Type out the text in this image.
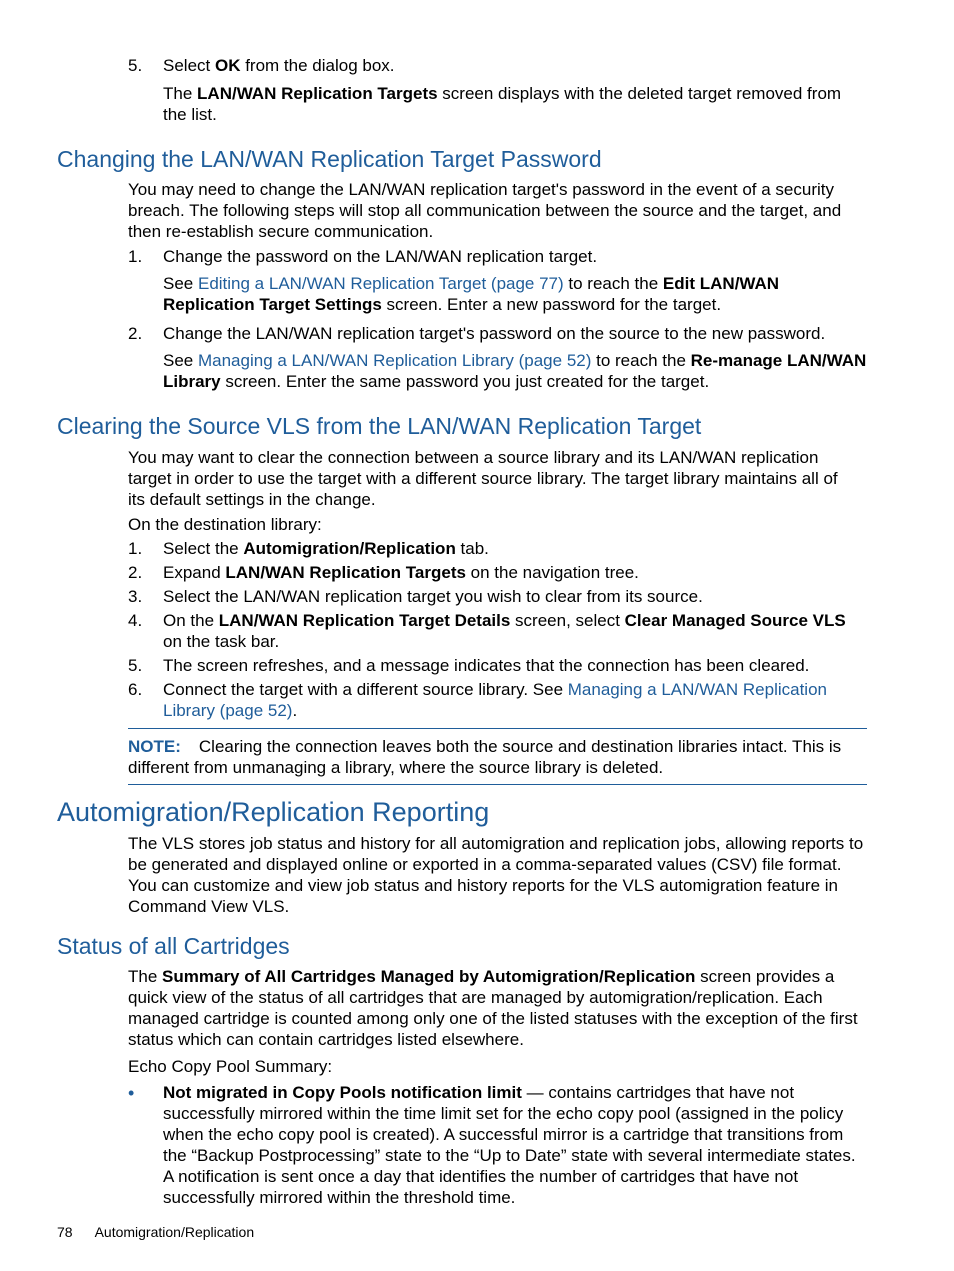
5.	Select OK from the dialog box.
The LAN/WAN Replication Targets screen displays with the deleted target removed from the list.
Changing the LAN/WAN Replication Target Password
You may need to change the LAN/WAN replication target's password in the event of a security breach. The following steps will stop all communication between the source and the target, and then re-establish secure communication.
1.	Change the password on the LAN/WAN replication target.
See Editing a LAN/WAN Replication Target (page 77) to reach the Edit LAN/WAN Replication Target Settings screen. Enter a new password for the target.
2.	Change the LAN/WAN replication target's password on the source to the new password.
See Managing a LAN/WAN Replication Library (page 52) to reach the Re-manage LAN/WAN Library screen. Enter the same password you just created for the target.
Clearing the Source VLS from the LAN/WAN Replication Target
You may want to clear the connection between a source library and its LAN/WAN replication target in order to use the target with a different source library. The target library maintains all of its default settings in the change.
On the destination library:
1.	Select the Automigration/Replication tab.
2.	Expand LAN/WAN Replication Targets on the navigation tree.
3.	Select the LAN/WAN replication target you wish to clear from its source.
4.	On the LAN/WAN Replication Target Details screen, select Clear Managed Source VLS on the task bar.
5.	The screen refreshes, and a message indicates that the connection has been cleared.
6.	Connect the target with a different source library. See Managing a LAN/WAN Replication Library (page 52).
NOTE: Clearing the connection leaves both the source and destination libraries intact. This is different from unmanaging a library, where the source library is deleted.
Automigration/Replication Reporting
The VLS stores job status and history for all automigration and replication jobs, allowing reports to be generated and displayed online or exported in a comma-separated values (CSV) file format. You can customize and view job status and history reports for the VLS automigration feature in Command View VLS.
Status of all Cartridges
The Summary of All Cartridges Managed by Automigration/Replication screen provides a quick view of the status of all cartridges that are managed by automigration/replication. Each managed cartridge is counted among only one of the listed statuses with the exception of the first status which can contain cartridges listed elsewhere.
Echo Copy Pool Summary:
• Not migrated in Copy Pools notification limit — contains cartridges that have not successfully mirrored within the time limit set for the echo copy pool (assigned in the policy when the echo copy pool is created). A successful mirror is a cartridge that transitions from the “Backup Postprocessing” state to the “Up to Date” state with several intermediate states. A notification is sent once a day that identifies the number of cartridges that have not successfully mirrored within the threshold time.
78 Automigration/Replication
